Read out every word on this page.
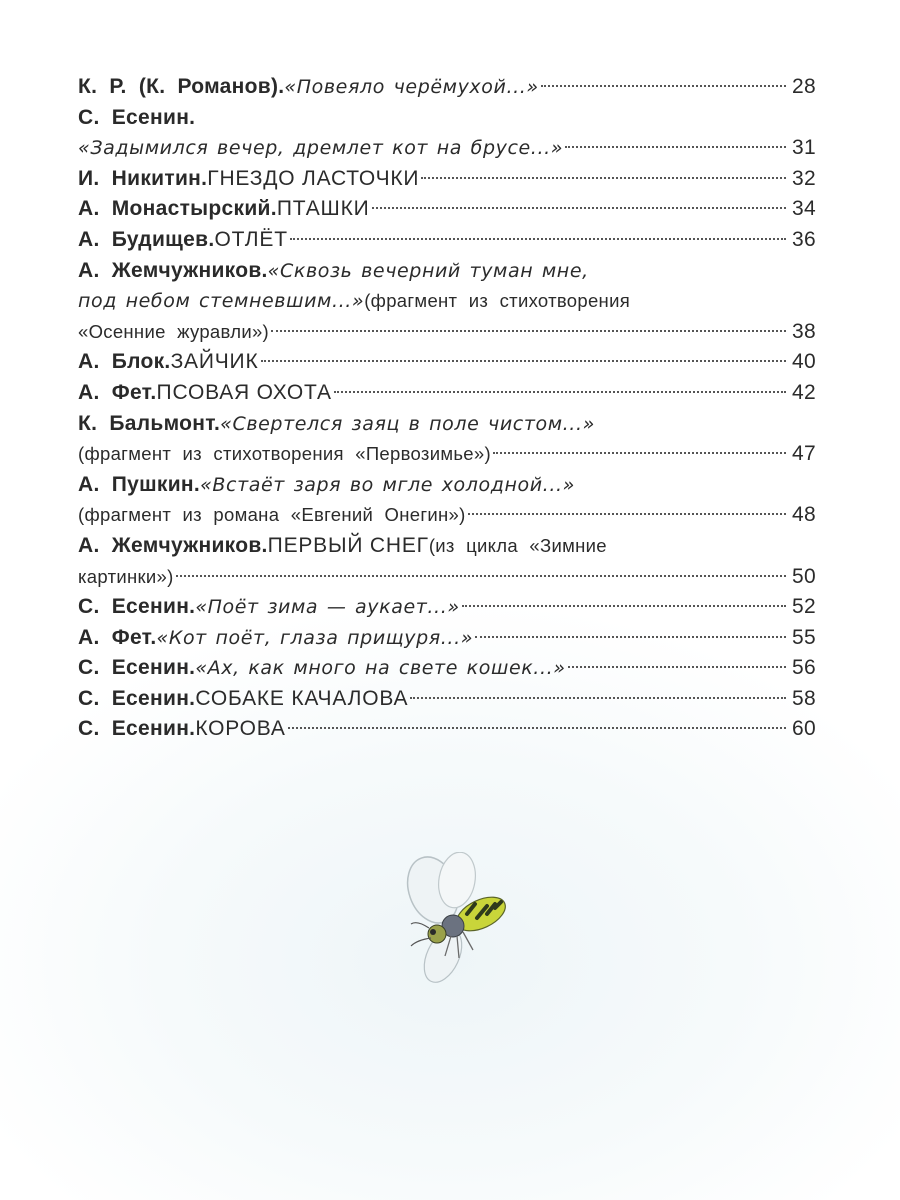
К. Р. (К. Романов). «Повеяло черёмухой...»	28
С. Есенин.
«Задымился вечер, дремлет кот на брусе...»	31
И. Никитин. ГНЕЗДО ЛАСТОЧКИ	32
А. Монастырский. ПТАШКИ	34
А. Будищев. ОТЛЁТ	36
А. Жемчужников. «Сквозь вечерний туман мне,
под небом стемневшим...» (фрагмент из стихотворения
«Осенние журавли»)	38
А. Блок. ЗАЙЧИК	40
А. Фет. ПСОВАЯ ОХОТА	42
К. Бальмонт. «Свертелся заяц в поле чистом...»
(фрагмент из стихотворения «Первозимье»)	47
А. Пушкин. «Встаёт заря во мгле холодной...»
(фрагмент из романа «Евгений Онегин»)	48
А. Жемчужников. ПЕРВЫЙ СНЕГ (из цикла «Зимние
картинки»)	50
С. Есенин. «Поёт зима — аукает...»	52
А. Фет. «Кот поёт, глаза прищуря...»	55
С. Есенин. «Ах, как много на свете кошек...»	56
С. Есенин. СОБАКЕ КАЧАЛОВА	58
С. Есенин. КОРОВА	60
